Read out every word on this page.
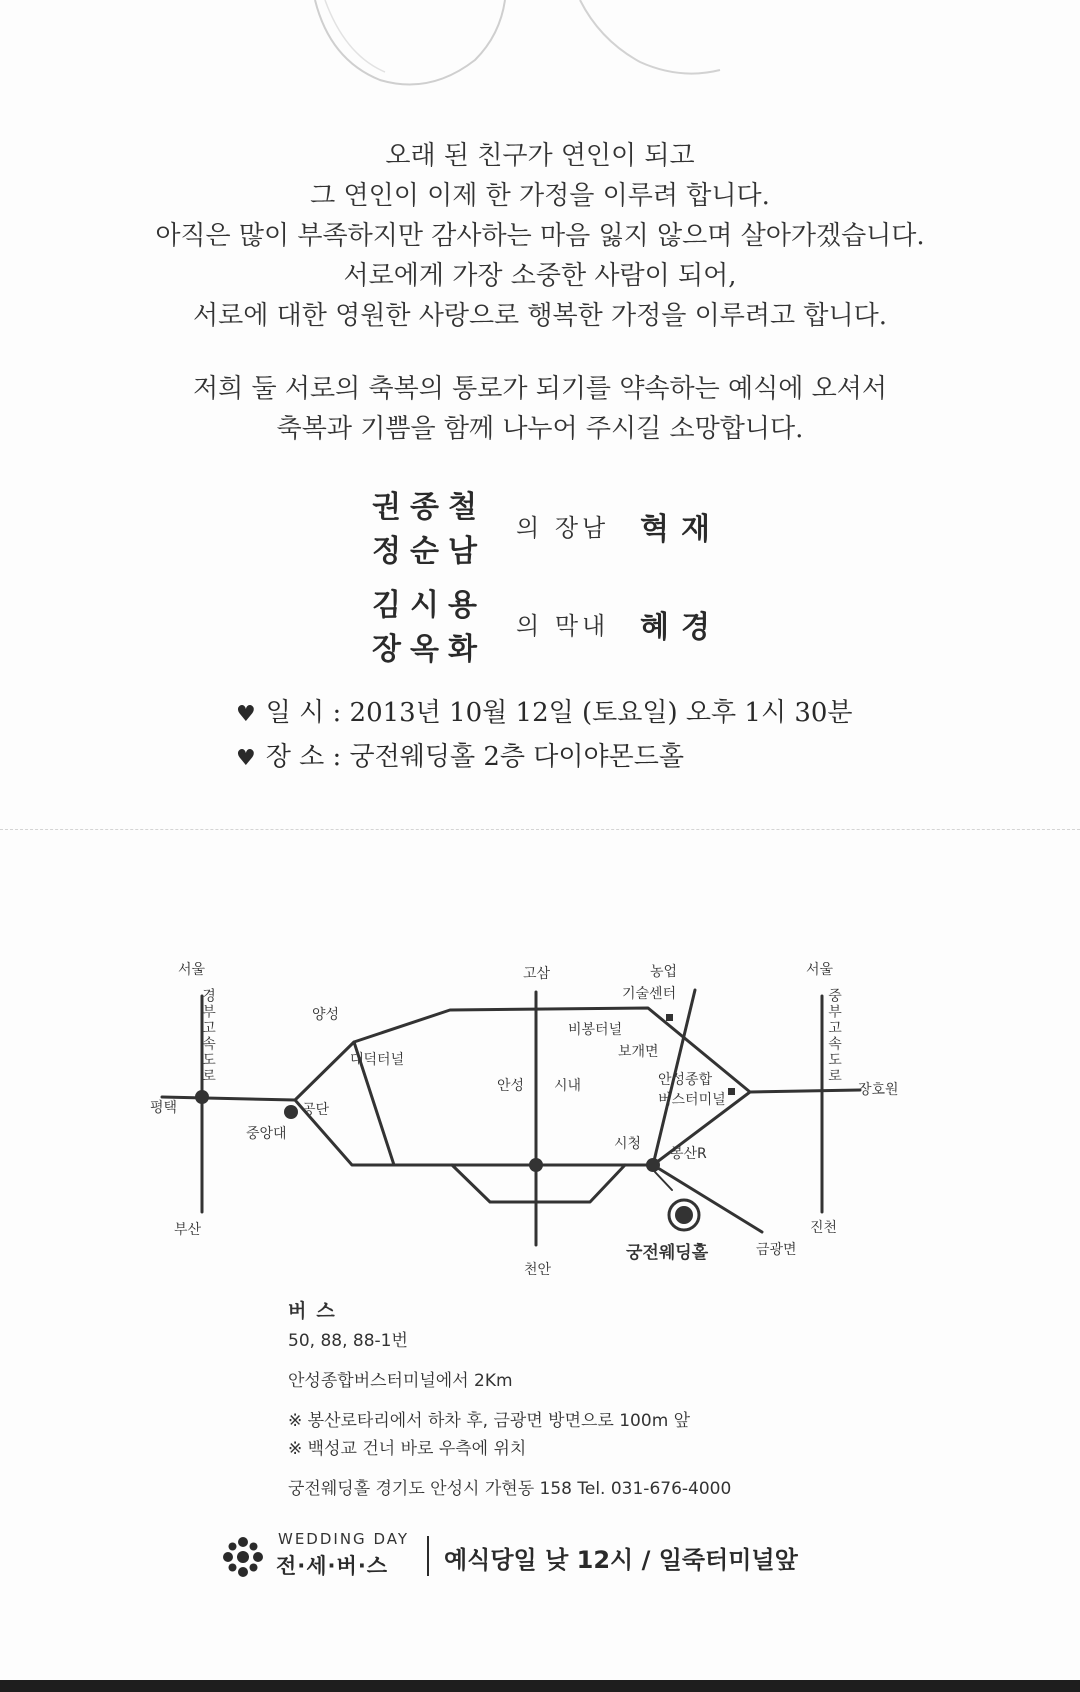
오래 된 친구가 연인이 되고
그 연인이 이제 한 가정을 이루려 합니다.
아직은 많이 부족하지만 감사하는 마음 잃지 않으며 살아가겠습니다.
서로에게 가장 소중한 사람이 되어,
서로에 대한 영원한 사랑으로 행복한 가정을 이루려고 합니다.
저희 둘 서로의 축복의 통로가 되기를 약속하는 예식에 오셔서
축복과 기쁨을 함께 나누어 주시길 소망합니다.
권종철
정순남
의 장남 혁재
김시용
장옥화
의 막내 혜경
♥ 일 시 : 2013년 10월 12일 (토요일) 오후 1시 30분
♥ 장 소 : 궁전웨딩홀 2층 다이야몬드홀
서울
평택
부산
양성
대덕터널
공단
중앙대
고삼
안성 시내
천안
농업
기술센터
비봉터널
보개면
안성종합
버스터미널
시청
봉산R
금광면
서울
장호원
진천
궁전웨딩홀
경부고속도로	중부고속도로
버스
50, 88, 88-1번
안성종합버스터미널에서 2Km
※ 봉산로타리에서 하차 후, 금광면 방면으로 100m 앞
※ 백성교 건너 바로 우측에 위치
궁전웨딩홀 경기도 안성시 가현동 158 Tel. 031-676-4000
WEDDING DAY
전·세·버·스 예식당일 낮 12시 / 일죽터미널앞
